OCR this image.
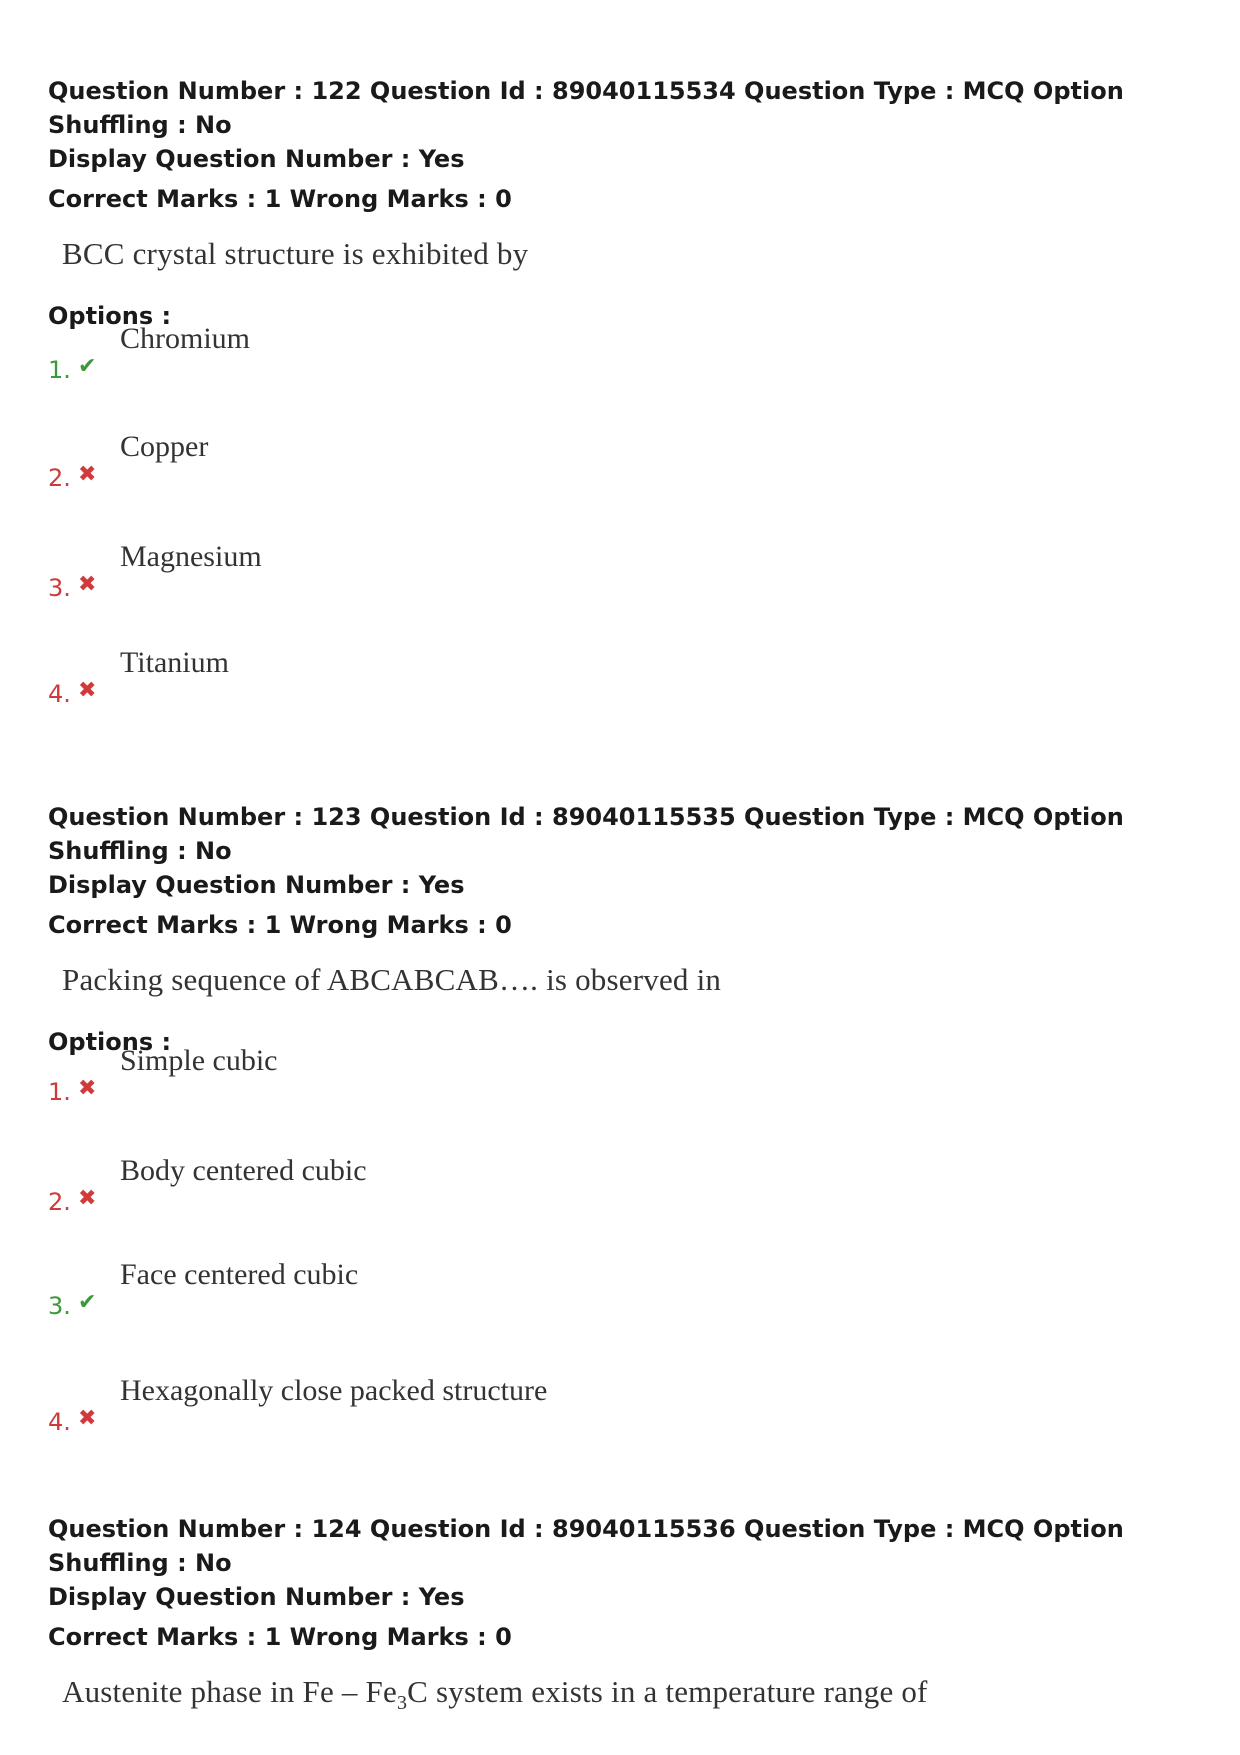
Question Number : 122 Question Id : 89040115534 Question Type : MCQ Option Shuffling : No

Display Question Number : Yes

Correct Marks : 1 Wrong Marks : 0
BCC crystal structure is exhibited by
Options :
1. ✔
Chromium
2. ✖
Copper
3. ✖
Magnesium
4. ✖
Titanium

Question Number : 123 Question Id : 89040115535 Question Type : MCQ Option Shuffling : No

Display Question Number : Yes

Correct Marks : 1 Wrong Marks : 0
Packing sequence of ABCABCAB…. is observed in
Options :
1. ✖
Simple cubic
2. ✖
Body centered cubic
3. ✔
Face centered cubic
4. ✖
Hexagonally close packed structure

Question Number : 124 Question Id : 89040115536 Question Type : MCQ Option Shuffling : No

Display Question Number : Yes

Correct Marks : 1 Wrong Marks : 0
Austenite phase in Fe – $Fe_3C$ system exists in a temperature range of
